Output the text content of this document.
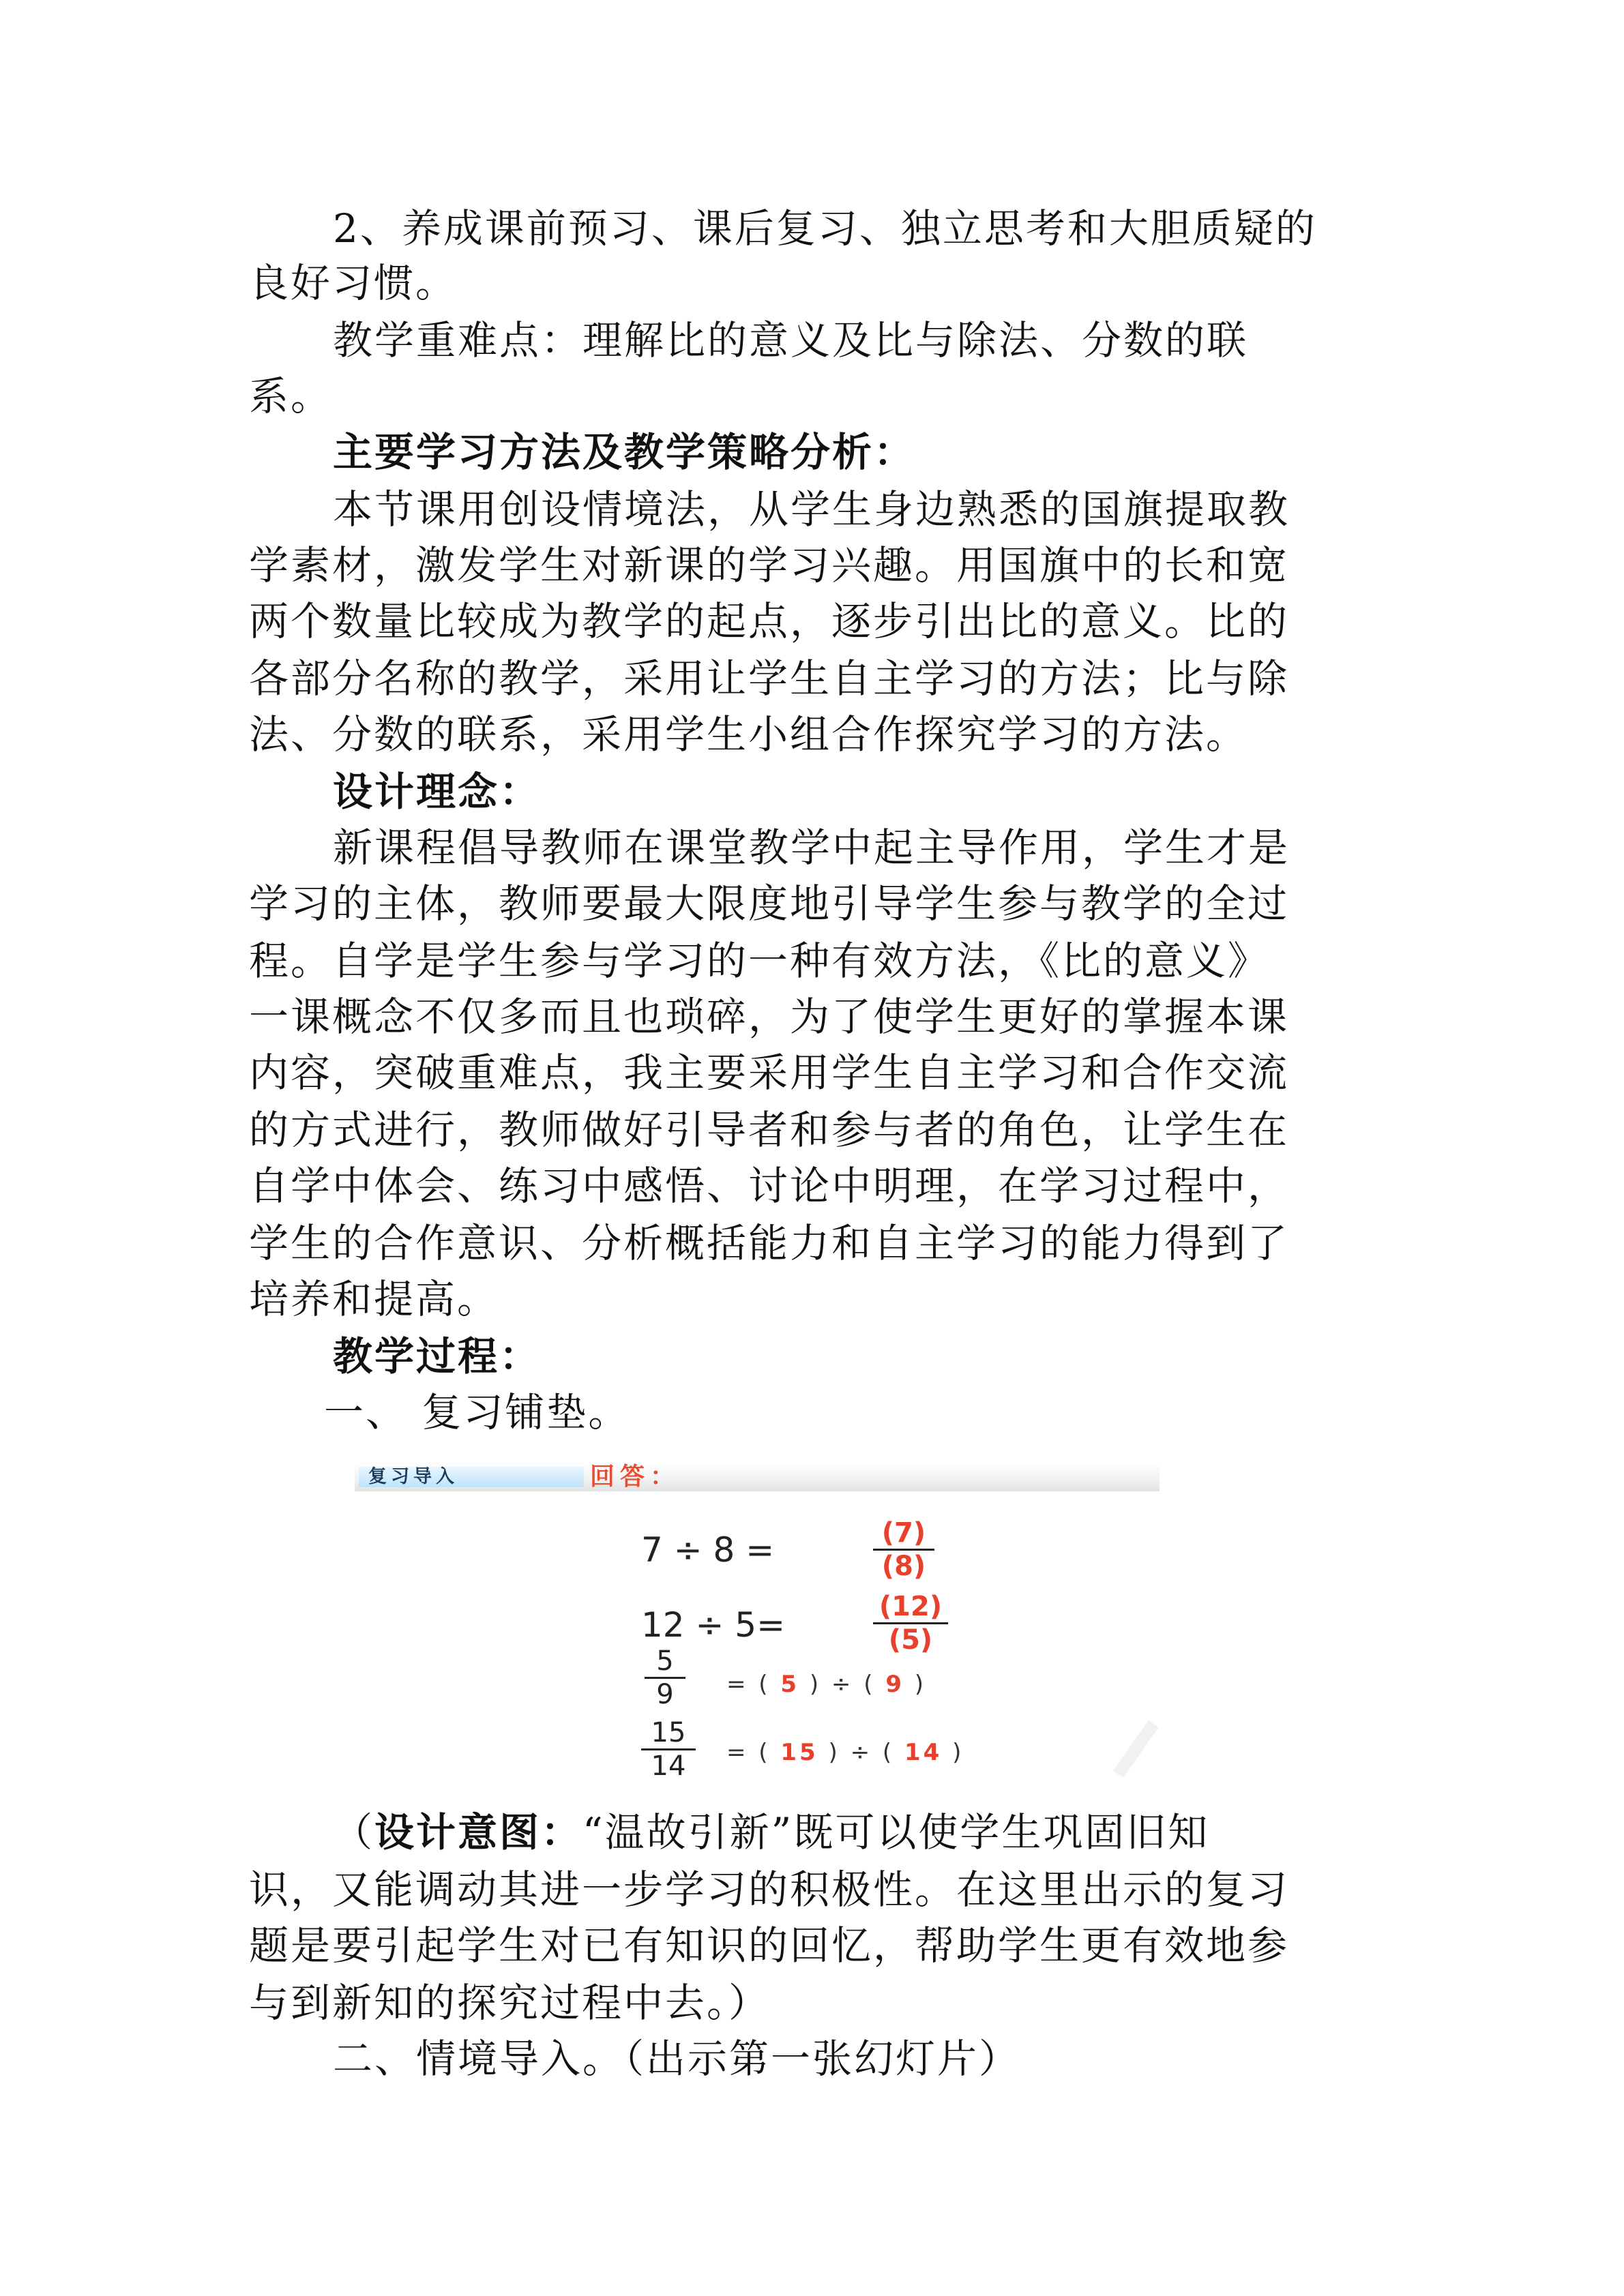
2、养成课前预习、课后复习、独立思考和大胆质疑的
良好习惯。
教学重难点：理解比的意义及比与除法、分数的联
系。
主要学习方法及教学策略分析：
本节课用创设情境法，从学生身边熟悉的国旗提取教
学素材，激发学生对新课的学习兴趣。用国旗中的长和宽
两个数量比较成为教学的起点，逐步引出比的意义。比的
各部分名称的教学，采用让学生自主学习的方法；比与除
法、分数的联系，采用学生小组合作探究学习的方法。
设计理念：
新课程倡导教师在课堂教学中起主导作用，学生才是
学习的主体，教师要最大限度地引导学生参与教学的全过
程。自学是学生参与学习的一种有效方法，《比的意义》
一课概念不仅多而且也琐碎，为了使学生更好的掌握本课
内容，突破重难点，我主要采用学生自主学习和合作交流
的方式进行，教师做好引导者和参与者的角色，让学生在
自学中体会、练习中感悟、讨论中明理，在学习过程中，
学生的合作意识、分析概括能力和自主学习的能力得到了
培养和提高。
教学过程：
一、 复习铺垫。
复习导入	回答：
7 ÷ 8 =	(7)
(8)
12 ÷ 5=	(12)
(5)
5
9	= ( 5 ) ÷ ( 9 )
15
14	= ( 15 ) ÷ ( 14 )
（设计意图：“温故引新”既可以使学生巩固旧知
识，又能调动其进一步学习的积极性。在这里出示的复习
题是要引起学生对已有知识的回忆，帮助学生更有效地参
与到新知的探究过程中去。）
二、情境导入。（出示第一张幻灯片）
